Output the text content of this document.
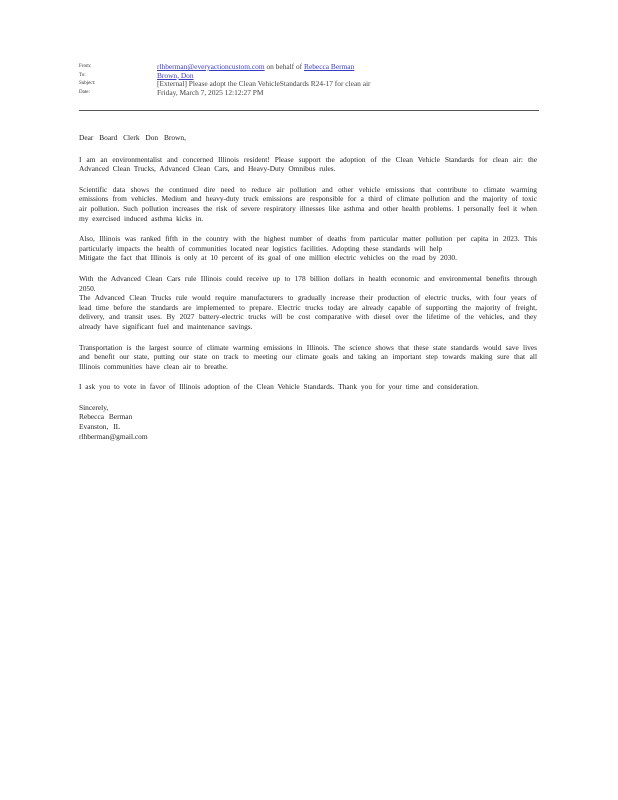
From:	rlhberman@everyactioncustom.com on behalf of Rebecca Berman
To:	Brown, Don
Subject:	[External] Please adopt the Clean VehicleStandards R24-17 for clean air
Date:	Friday, March 7, 2025 12:12:27 PM

Dear Board Clerk Don Brown,

I am an environmentalist and concerned Illinois resident! Please support the adoption of the Clean Vehicle Standards for clean air: the Advanced Clean Trucks, Advanced Clean Cars, and Heavy-Duty Omnibus rules.

Scientific data shows the continued dire need to reduce air pollution and other vehicle emissions that contribute to climate warming emissions from vehicles. Medium and heavy-duty truck emissions are responsible for a third of climate pollution and the majority of toxic air pollution. Such pollution increases the risk of severe respiratory illnesses like asthma and other health problems. I personally feel it when my exercised induced asthma kicks in.

Also, Illinois was ranked fifth in the country with the highest number of deaths from particular matter pollution per capita in 2023. This particularly impacts the health of communities located near logistics facilities. Adopting these standards will help
Mitigate the fact that Illinois is only at 10 percent of its goal of one million electric vehicles on the road by 2030.

With the Advanced Clean Cars rule Illinois could receive up to 178 billion dollars in health economic and environmental benefits through 2050.
The Advanced Clean Trucks rule would require manufacturers to gradually increase their production of electric trucks, with four years of lead time before the standards are implemented to prepare. Electric trucks today are already capable of supporting the majority of freight, delivery, and transit uses. By 2027 battery-electric trucks will be cost comparative with diesel over the lifetime of the vehicles, and they already have significant fuel and maintenance savings.

Transportation is the largest source of climate warming emissions in Illinois. The science shows that these state standards would save lives and benefit our state, putting our state on track to meeting our climate goals and taking an important step towards making sure that all Illinois communities have clean air to breathe.

I ask you to vote in favor of Illinois adoption of the Clean Vehicle Standards. Thank you for your time and consideration.

Sincerely,
Rebecca Berman
Evanston, IL
rlhberman@gmail.com
